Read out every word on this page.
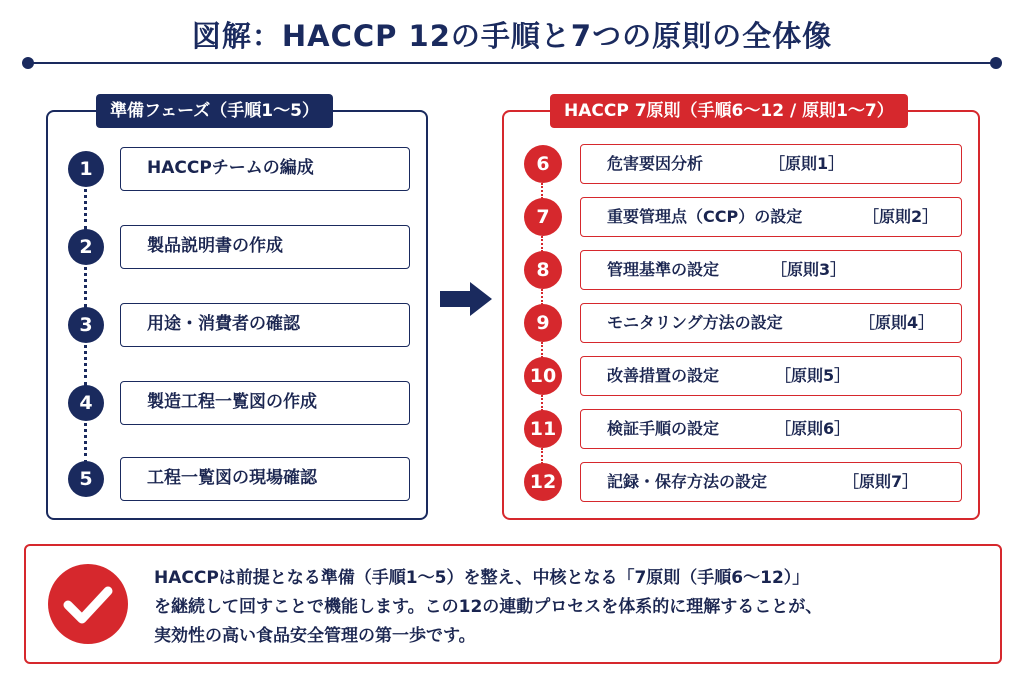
図解：HACCP 12の手順と7つの原則の全体像
準備フェーズ（手順1〜5）
1	HACCPチームの編成
2	製品説明書の作成
3	用途・消費者の確認
4	製造工程一覧図の作成
5	工程一覧図の現場確認
HACCP 7原則（手順6〜12 / 原則1〜7）
6	危害要因分析	［原則1］
7	重要管理点（CCP）の設定	［原則2］
8	管理基準の設定	［原則3］
9	モニタリング方法の設定	［原則4］
10	改善措置の設定	［原則5］
11	検証手順の設定	［原則6］
12	記録・保存方法の設定	［原則7］
HACCPは前提となる準備（手順1〜5）を整え、中核となる「7原則（手順6〜12）」
を継続して回すことで機能します。この12の連動プロセスを体系的に理解することが、
実効性の高い食品安全管理の第一歩です。
